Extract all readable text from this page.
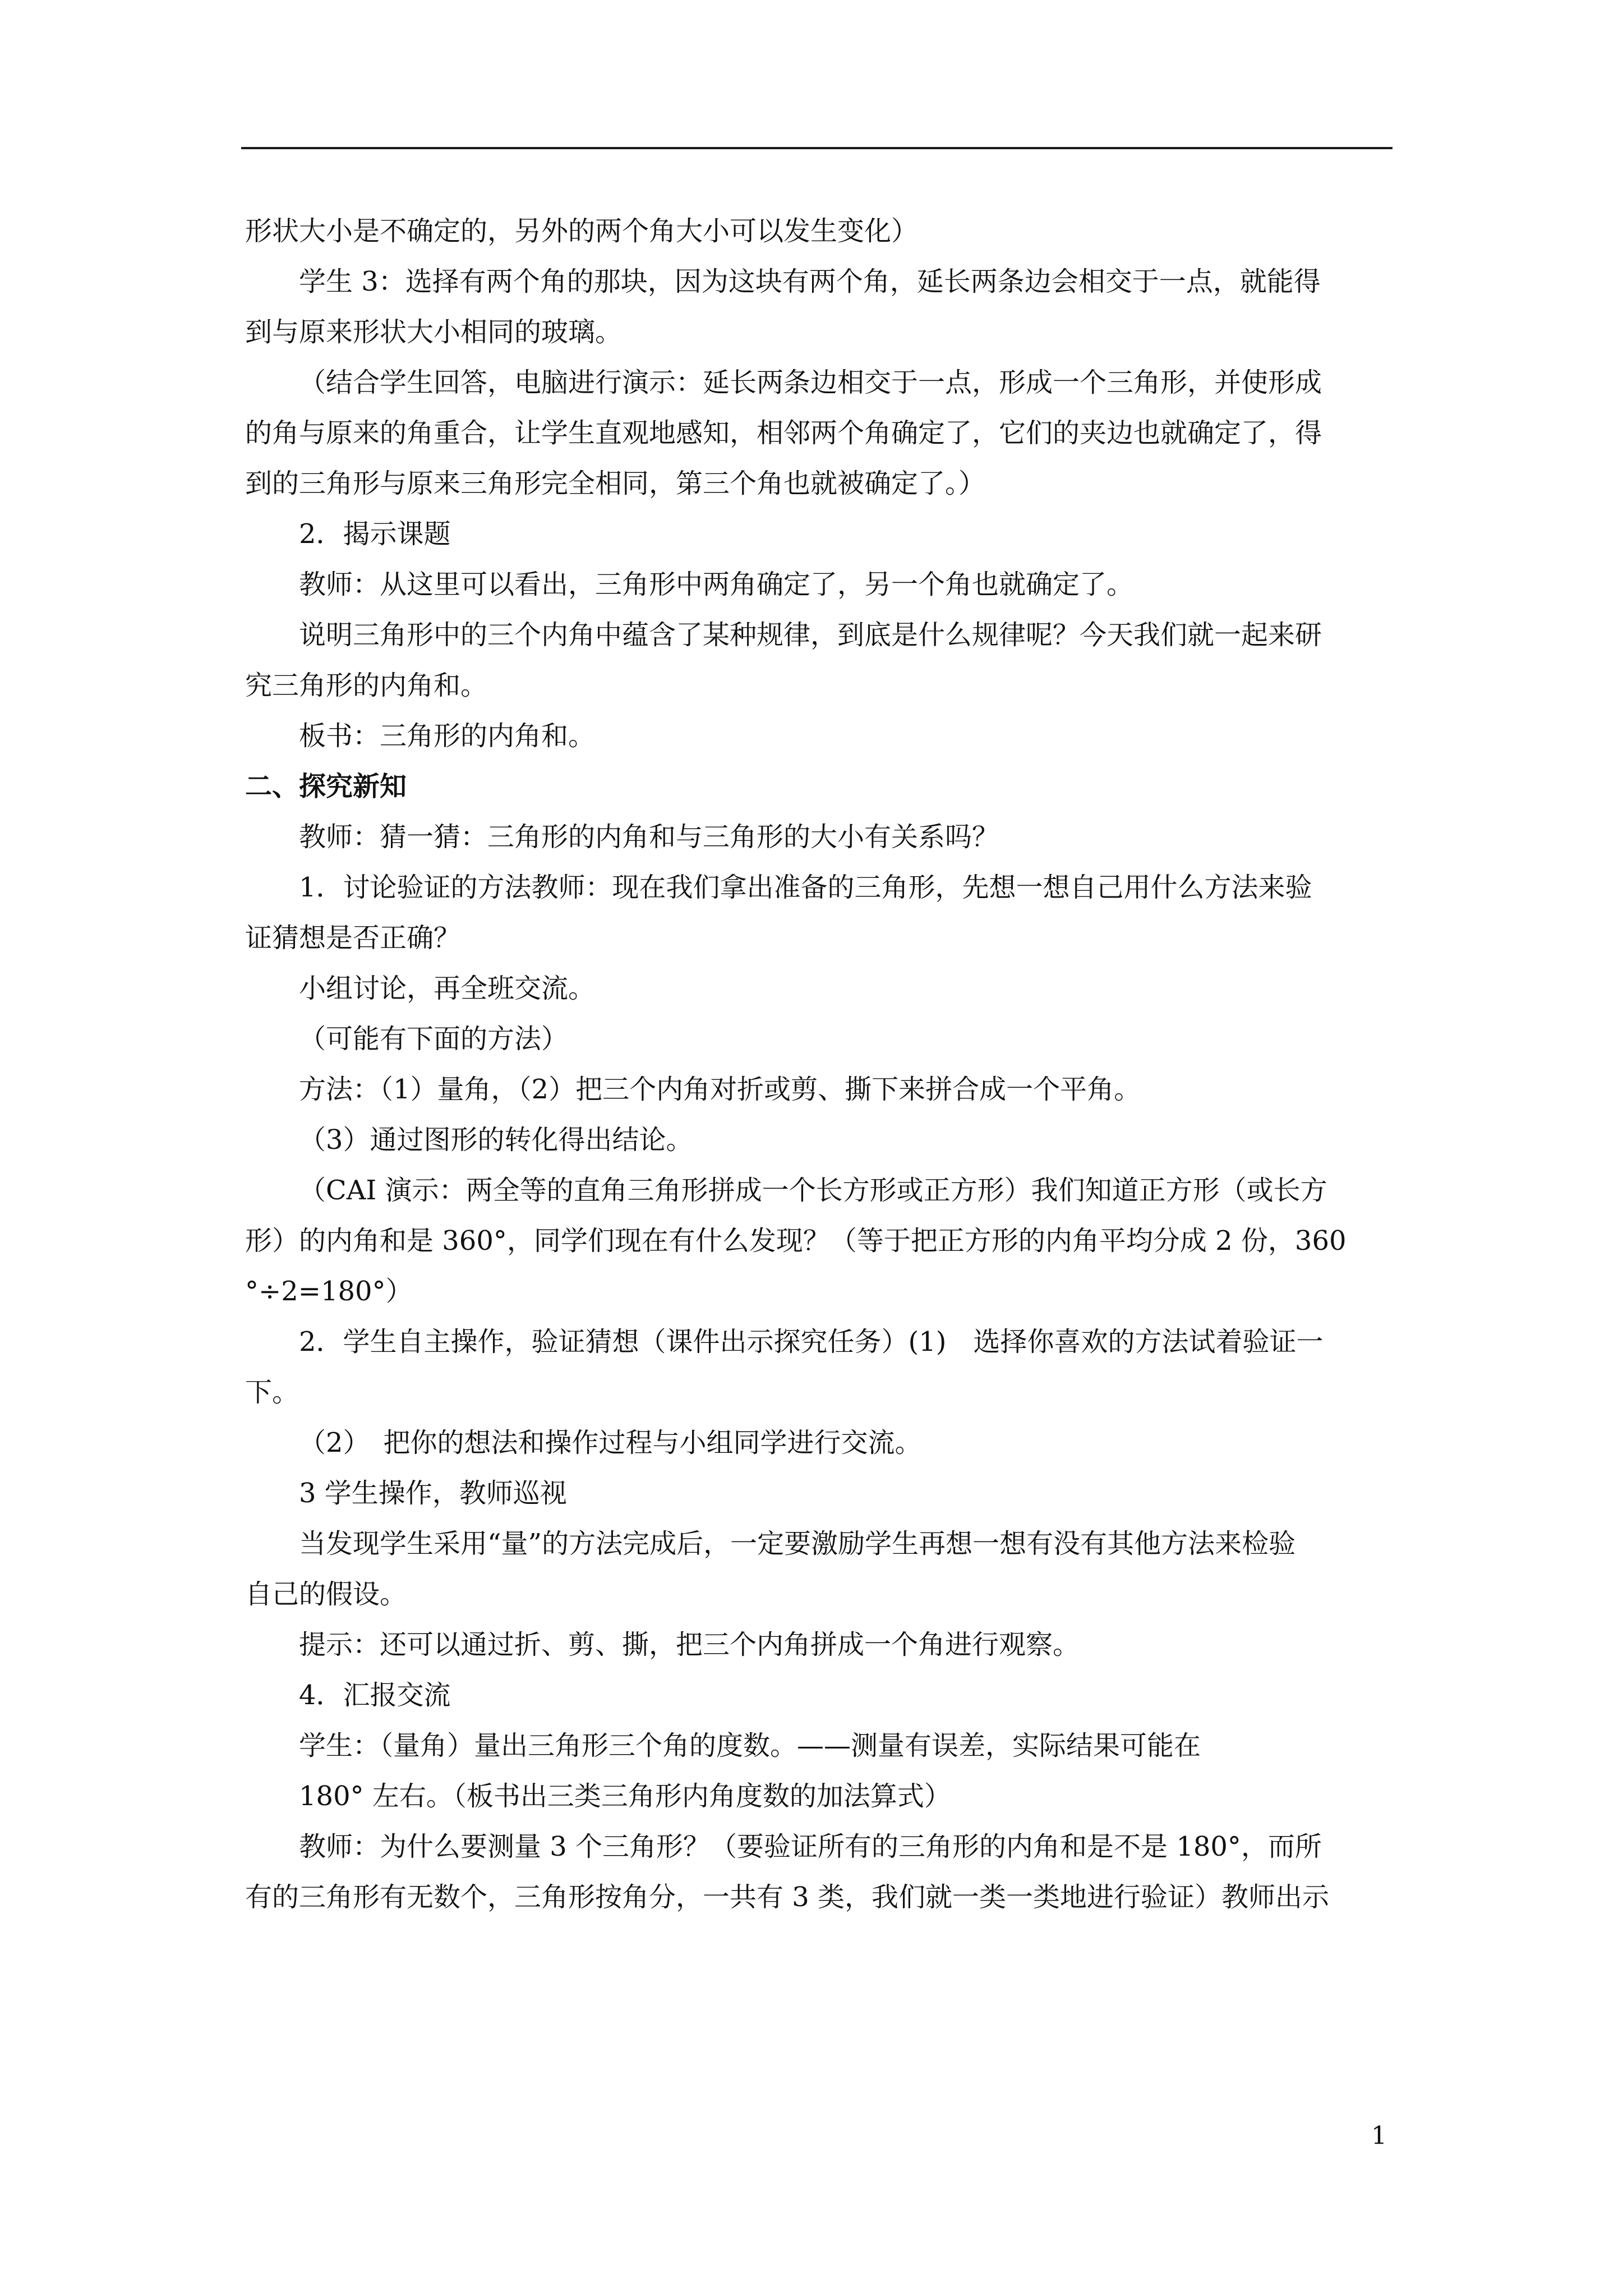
形状大小是不确定的，另外的两个角大小可以发生变化）
学生 3：选择有两个角的那块，因为这块有两个角，延长两条边会相交于一点，就能得
到与原来形状大小相同的玻璃。
（结合学生回答，电脑进行演示：延长两条边相交于一点，形成一个三角形，并使形成
的角与原来的角重合，让学生直观地感知，相邻两个角确定了，它们的夹边也就确定了，得
到的三角形与原来三角形完全相同，第三个角也就被确定了。）
2．揭示课题
教师：从这里可以看出，三角形中两角确定了，另一个角也就确定了。
说明三角形中的三个内角中蕴含了某种规律，到底是什么规律呢？今天我们就一起来研
究三角形的内角和。
板书：三角形的内角和。
二、探究新知
教师：猜一猜：三角形的内角和与三角形的大小有关系吗？
1．讨论验证的方法教师：现在我们拿出准备的三角形，先想一想自己用什么方法来验
证猜想是否正确？
小组讨论，再全班交流。
（可能有下面的方法）
方法：（1）量角，（2）把三个内角对折或剪、撕下来拼合成一个平角。
（3）通过图形的转化得出结论。
（CAI 演示：两全等的直角三角形拼成一个长方形或正方形）我们知道正方形（或长方
形）的内角和是 360°，同学们现在有什么发现？（等于把正方形的内角平均分成 2 份，360
°÷2=180°）
2．学生自主操作，验证猜想（课件出示探究任务）(1)　选择你喜欢的方法试着验证一
下。
（2）　把你的想法和操作过程与小组同学进行交流。
3 学生操作，教师巡视
当发现学生采用“量”的方法完成后，一定要激励学生再想一想有没有其他方法来检验
自己的假设。
提示：还可以通过折、剪、撕，把三个内角拼成一个角进行观察。
4．汇报交流
学生：（量角）量出三角形三个角的度数。——测量有误差，实际结果可能在
180° 左右。（板书出三类三角形内角度数的加法算式）
教师：为什么要测量 3 个三角形？（要验证所有的三角形的内角和是不是 180°，而所
有的三角形有无数个，三角形按角分，一共有 3 类，我们就一类一类地进行验证）教师出示
1
